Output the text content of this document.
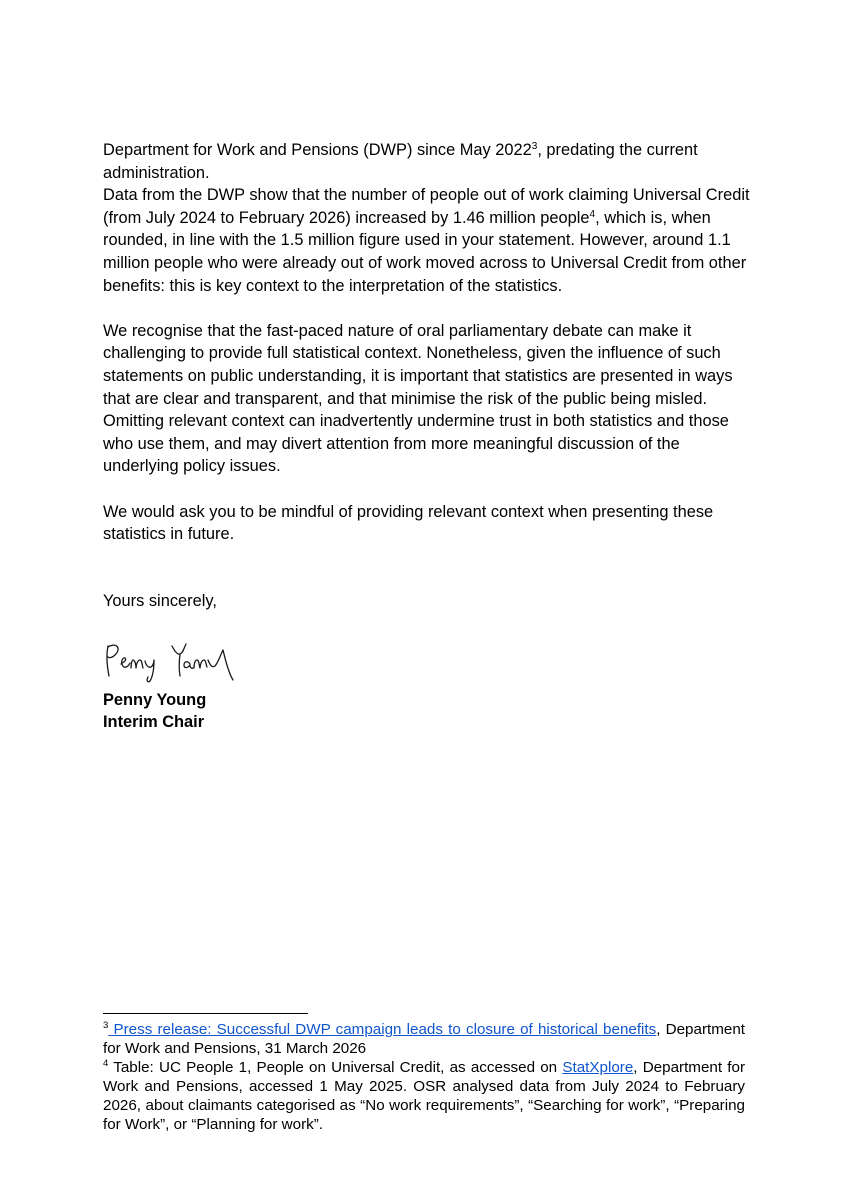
Department for Work and Pensions (DWP) since May 2022$^3$, predating the current administration.

Data from the DWP show that the number of people out of work claiming Universal Credit (from July 2024 to February 2026) increased by 1.46 million people$^4$, which is, when rounded, in line with the 1.5 million figure used in your statement. However, around 1.1 million people who were already out of work moved across to Universal Credit from other benefits: this is key context to the interpretation of the statistics.

We recognise that the fast-paced nature of oral parliamentary debate can make it challenging to provide full statistical context. Nonetheless, given the influence of such statements on public understanding, it is important that statistics are presented in ways that are clear and transparent, and that minimise the risk of the public being misled. Omitting relevant context can inadvertently undermine trust in both statistics and those who use them, and may divert attention from more meaningful discussion of the underlying policy issues.

We would ask you to be mindful of providing relevant context when presenting these statistics in future.

Yours sincerely,
Penny Young
Interim Chair
$^3$ Press release: Successful DWP campaign leads to closure of historical benefits, Department for Work and Pensions, 31 March 2026
$^4$ Table: UC People 1, People on Universal Credit, as accessed on StatXplore, Department for Work and Pensions, accessed 1 May 2025. OSR analysed data from July 2024 to February 2026, about claimants categorised as “No work requirements”, “Searching for work”, “Preparing for Work”, or “Planning for work”.
